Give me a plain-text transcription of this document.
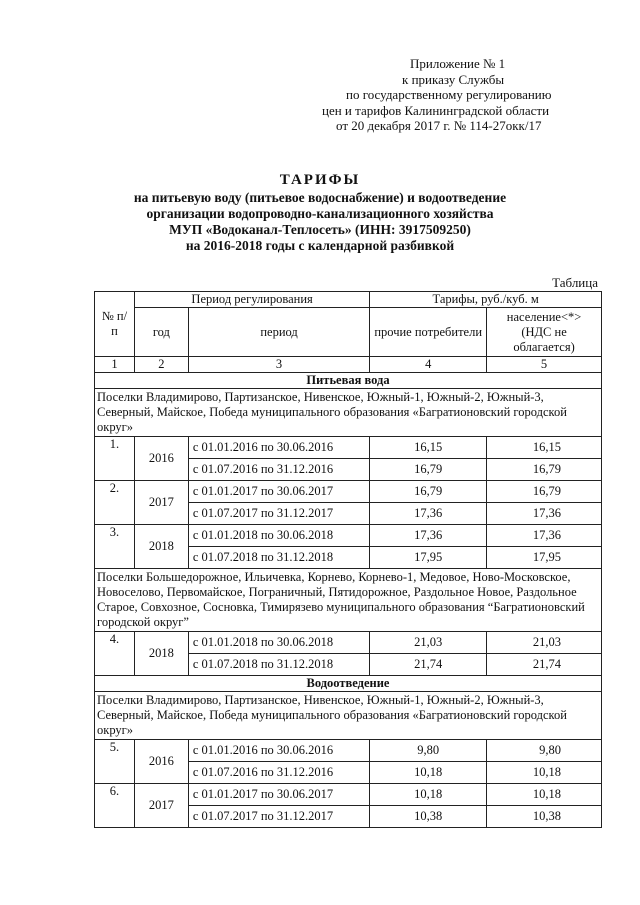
Приложение № 1
к приказу Службы
по государственному регулированию
цен и тарифов Калининградской области
от 20 декабря 2017 г. № 114-27окк/17
ТАРИФЫ
на питьевую воду (питьевое водоснабжение) и водоотведение
организации водопроводно-канализационного хозяйства
МУП «Водоканал-Теплосеть» (ИНН: 3917509250)
на 2016-2018 годы с календарной разбивкой
Таблица
№ п/п	Период регулирования		Тарифы, руб./куб. м	
	год	период	прочие потребители	население<*> (НДС не облагается)
1	2	3	4	5
Питьевая вода				
Поселки Владимирово, Партизанское, Нивенское, Южный-1, Южный-2, Южный-3, Северный, Майское, Победа муниципального образования «Багратионовский городской округ»				
1.	2016	с 01.01.2016 по 30.06.2016	16,15	16,15
		с 01.07.2016 по 31.12.2016	16,79	16,79
2.	2017	с 01.01.2017 по 30.06.2017	16,79	16,79
		с 01.07.2017 по 31.12.2017	17,36	17,36
3.	2018	с 01.01.2018 по 30.06.2018	17,36	17,36
		с 01.07.2018 по 31.12.2018	17,95	17,95
Поселки Большедорожное, Ильичевка, Корнево, Корнево-1, Медовое, Ново-Московское, Новоселово, Первомайское, Пограничный, Пятидорожное, Раздольное Новое, Раздольное Старое, Совхозное, Сосновка, Тимирязево муниципального образования “Багратионовский городской округ”				
4.	2018	с 01.01.2018 по 30.06.2018	21,03	21,03
		с 01.07.2018 по 31.12.2018	21,74	21,74
Водоотведение				
Поселки Владимирово, Партизанское, Нивенское, Южный-1, Южный-2, Южный-3, Северный, Майское, Победа муниципального образования «Багратионовский городской округ»				
5.	2016	с 01.01.2016 по 30.06.2016	9,80	9,80
		с 01.07.2016 по 31.12.2016	10,18	10,18
6.	2017	с 01.01.2017 по 30.06.2017	10,18	10,18
		с 01.07.2017 по 31.12.2017	10,38	10,38
